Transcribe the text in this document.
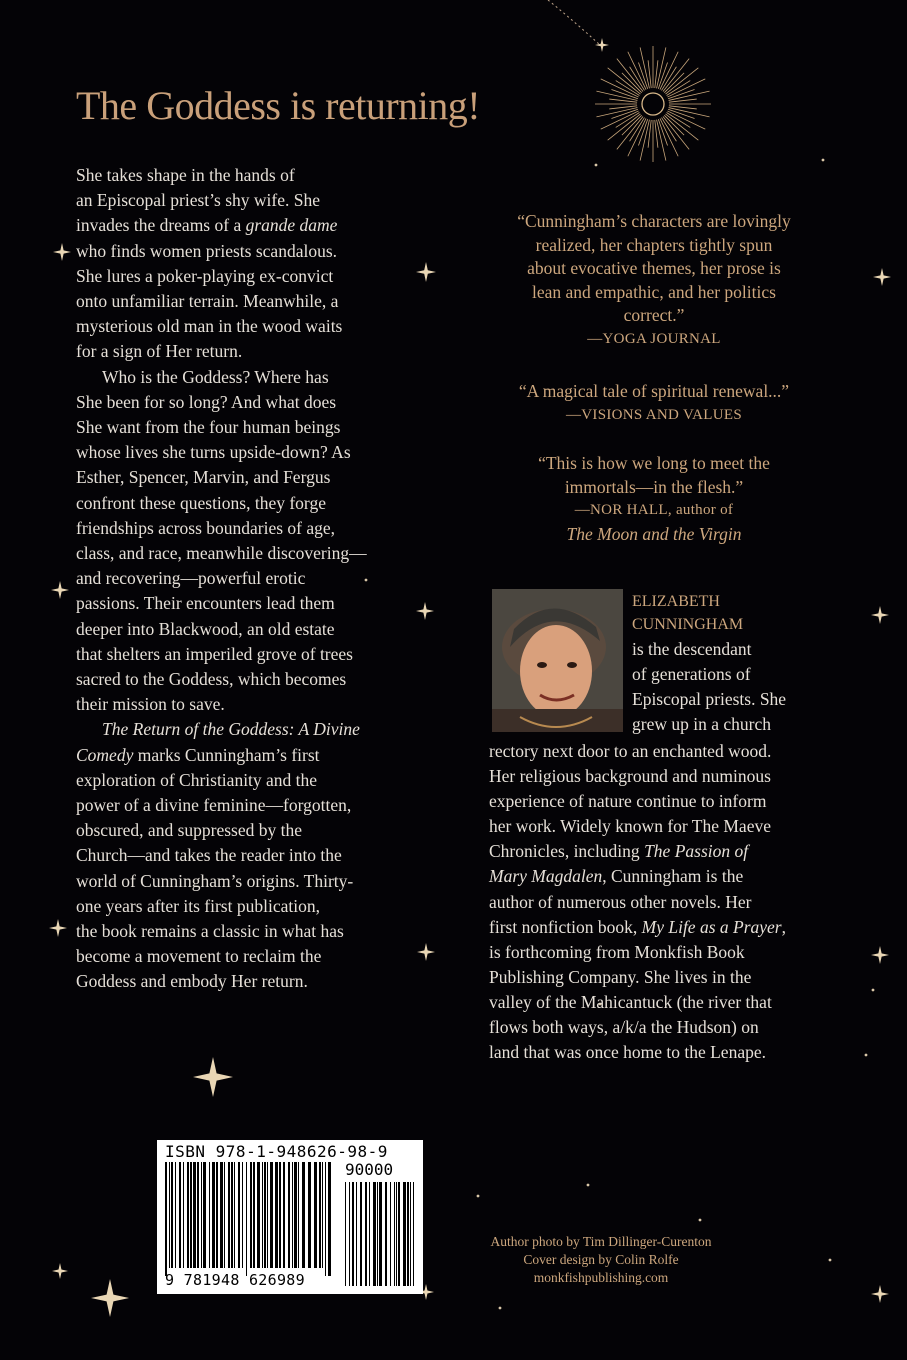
The Goddess is returning!
She takes shape in the hands of
an Episcopal priest’s shy wife. She
invades the dreams of a grande dame
who finds women priests scandalous.
She lures a poker-playing ex-convict
onto unfamiliar terrain. Meanwhile, a
mysterious old man in the wood waits
for a sign of Her return.
Who is the Goddess? Where has
She been for so long? And what does
She want from the four human beings
whose lives she turns upside-down? As
Esther, Spencer, Marvin, and Fergus
confront these questions, they forge
friendships across boundaries of age,
class, and race, meanwhile discovering—
and recovering—powerful erotic
passions. Their encounters lead them
deeper into Blackwood, an old estate
that shelters an imperiled grove of trees
sacred to the Goddess, which becomes
their mission to save.
The Return of the Goddess: A Divine
Comedy marks Cunningham’s first
exploration of Christianity and the
power of a divine feminine—forgotten,
obscured, and suppressed by the
Church—and takes the reader into the
world of Cunningham’s origins. Thirty-
one years after its first publication,
the book remains a classic in what has
become a movement to reclaim the
Goddess and embody Her return.
“Cunningham’s characters are lovingly
realized, her chapters tightly spun
about evocative themes, her prose is
lean and empathic, and her politics
correct.”
—YOGA JOURNAL
“A magical tale of spiritual renewal...”
—VISIONS AND VALUES
“This is how we long to meet the
immortals—in the flesh.”
—NOR HALL, author of
The Moon and the Virgin
ELIZABETH
CUNNINGHAM
is the descendant
of generations of
Episcopal priests. She
grew up in a church
rectory next door to an enchanted wood.
Her religious background and numinous
experience of nature continue to inform
her work. Widely known for The Maeve
Chronicles, including The Passion of
Mary Magdalen, Cunningham is the
author of numerous other novels. Her
first nonfiction book, My Life as a Prayer,
is forthcoming from Monkfish Book
Publishing Company. She lives in the
valley of the Mahicantuck (the river that
flows both ways, a/k/a the Hudson) on
land that was once home to the Lenape.
ISBN 978-1-948626-98-9
90000
9 781948 626989
Author photo by Tim Dillinger-Curenton
Cover design by Colin Rolfe
monkfishpublishing.com
